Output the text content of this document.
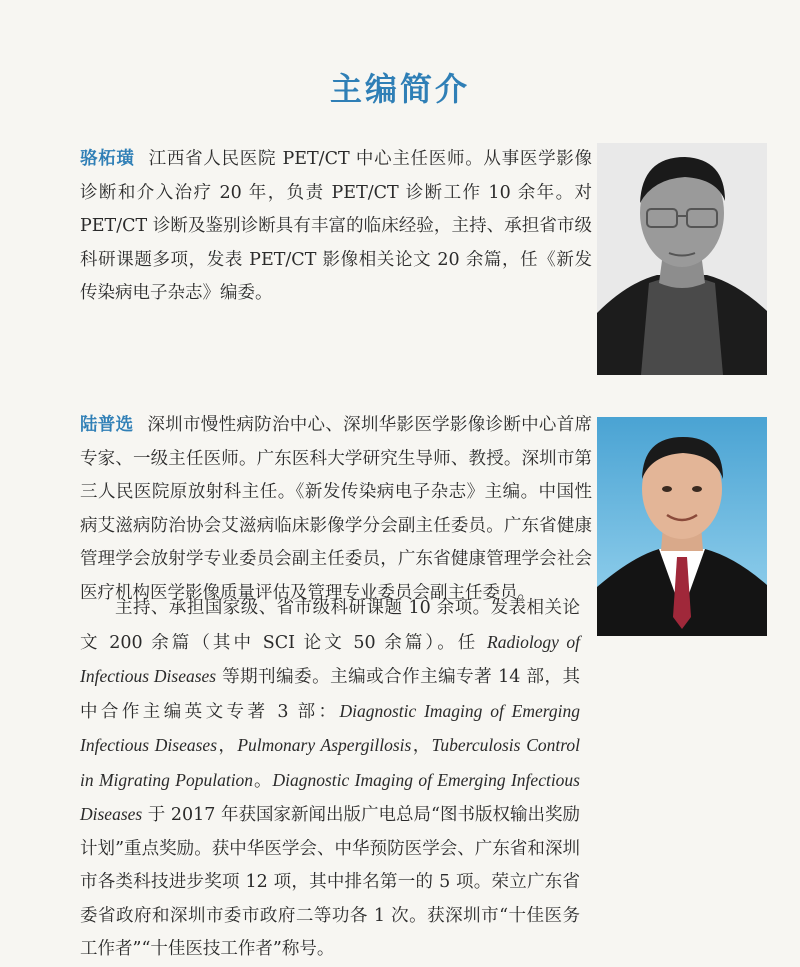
主编简介

骆柘璜 江西省人民医院 PET/CT 中心主任医师。从事医学影像诊断和介入治疗 20 年，负责 PET/CT 诊断工作 10 余年。对 PET/CT 诊断及鉴别诊断具有丰富的临床经验，主持、承担省市级科研课题多项，发表 PET/CT 影像相关论文 20 余篇，任《新发传染病电子杂志》编委。

陆普选 深圳市慢性病防治中心、深圳华影医学影像诊断中心首席专家、一级主任医师。广东医科大学研究生导师、教授。深圳市第三人民医院原放射科主任。《新发传染病电子杂志》主编。中国性病艾滋病防治协会艾滋病临床影像学分会副主任委员。广东省健康管理学会放射学专业委员会副主任委员，广东省健康管理学会社会医疗机构医学影像质量评估及管理专业委员会副主任委员。

主持、承担国家级、省市级科研课题 10 余项。发表相关论文 200 余篇（其中 SCI 论文 50 余篇）。任 Radiology of Infectious Diseases 等期刊编委。主编或合作主编专著 14 部，其中合作主编英文专著 3 部：Diagnostic Imaging of Emerging Infectious Diseases，Pulmonary Aspergillosis，Tuberculosis Control in Migrating Population。Diagnostic Imaging of Emerging Infectious Diseases 于 2017 年获国家新闻出版广电总局“图书版权输出奖励计划”重点奖励。获中华医学会、中华预防医学会、广东省和深圳市各类科技进步奖项 12 项，其中排名第一的 5 项。荣立广东省委省政府和深圳市委市政府二等功各 1 次。获深圳市“十佳医务工作者”“十佳医技工作者”称号。
